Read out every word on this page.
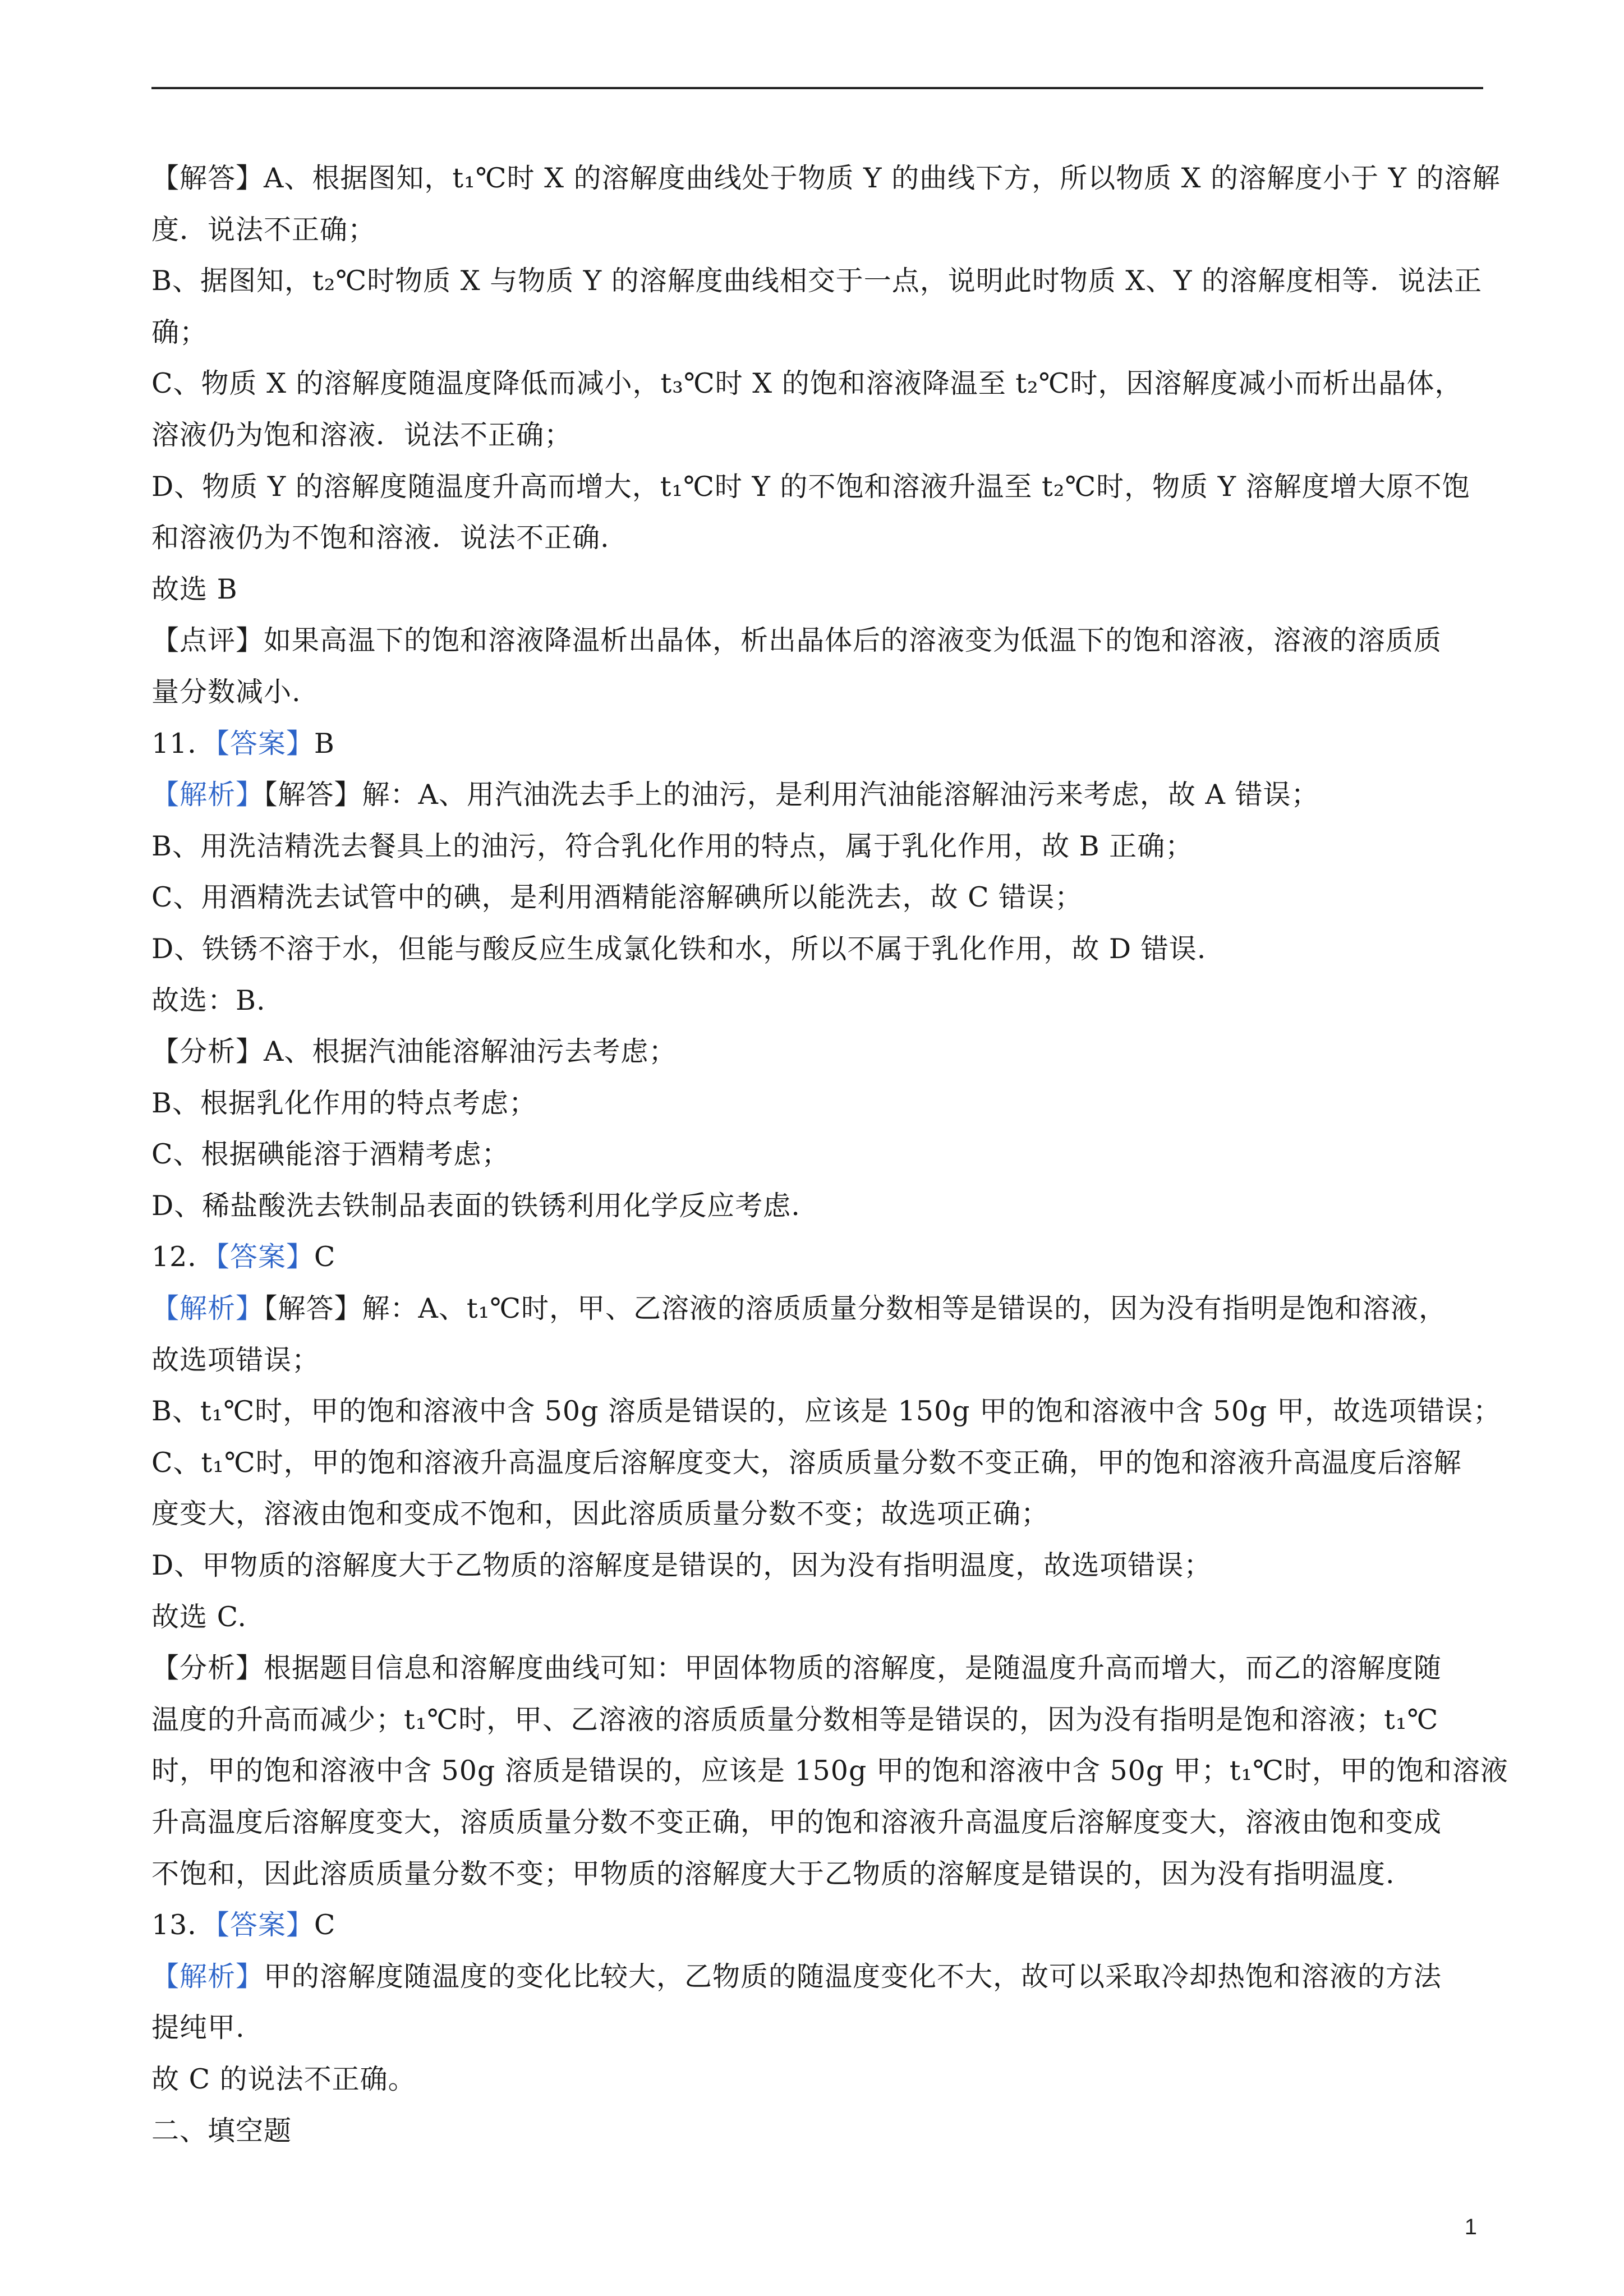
【解答】A、根据图知，t₁℃时 X 的溶解度曲线处于物质 Y 的曲线下方，所以物质 X 的溶解度小于 Y 的溶解
度．说法不正确；
B、据图知，t₂℃时物质 X 与物质 Y 的溶解度曲线相交于一点，说明此时物质 X、Y 的溶解度相等．说法正
确；
C、物质 X 的溶解度随温度降低而减小，t₃℃时 X 的饱和溶液降温至 t₂℃时，因溶解度减小而析出晶体，
溶液仍为饱和溶液．说法不正确；
D、物质 Y 的溶解度随温度升高而增大，t₁℃时 Y 的不饱和溶液升温至 t₂℃时，物质 Y 溶解度增大原不饱
和溶液仍为不饱和溶液．说法不正确.
故选 B
【点评】如果高温下的饱和溶液降温析出晶体，析出晶体后的溶液变为低温下的饱和溶液，溶液的溶质质
量分数减小.
11．【答案】B
【解析】【解答】解：A、用汽油洗去手上的油污，是利用汽油能溶解油污来考虑，故 A 错误；
B、用洗洁精洗去餐具上的油污，符合乳化作用的特点，属于乳化作用，故 B 正确；
C、用酒精洗去试管中的碘，是利用酒精能溶解碘所以能洗去，故 C 错误；
D、铁锈不溶于水，但能与酸反应生成氯化铁和水，所以不属于乳化作用，故 D 错误.
故选：B.
【分析】A、根据汽油能溶解油污去考虑；
B、根据乳化作用的特点考虑；
C、根据碘能溶于酒精考虑；
D、稀盐酸洗去铁制品表面的铁锈利用化学反应考虑.
12．【答案】C
【解析】【解答】解：A、t₁℃时，甲、乙溶液的溶质质量分数相等是错误的，因为没有指明是饱和溶液，
故选项错误；
B、t₁℃时，甲的饱和溶液中含 50g 溶质是错误的，应该是 150g 甲的饱和溶液中含 50g 甲，故选项错误；
C、t₁℃时，甲的饱和溶液升高温度后溶解度变大，溶质质量分数不变正确，甲的饱和溶液升高温度后溶解
度变大，溶液由饱和变成不饱和，因此溶质质量分数不变；故选项正确；
D、甲物质的溶解度大于乙物质的溶解度是错误的，因为没有指明温度，故选项错误；
故选 C.
【分析】根据题目信息和溶解度曲线可知：甲固体物质的溶解度，是随温度升高而增大，而乙的溶解度随
温度的升高而减少；t₁℃时，甲、乙溶液的溶质质量分数相等是错误的，因为没有指明是饱和溶液；t₁℃
时，甲的饱和溶液中含 50g 溶质是错误的，应该是 150g 甲的饱和溶液中含 50g 甲；t₁℃时，甲的饱和溶液
升高温度后溶解度变大，溶质质量分数不变正确，甲的饱和溶液升高温度后溶解度变大，溶液由饱和变成
不饱和，因此溶质质量分数不变；甲物质的溶解度大于乙物质的溶解度是错误的，因为没有指明温度.
13．【答案】C
【解析】甲的溶解度随温度的变化比较大，乙物质的随温度变化不大，故可以采取冷却热饱和溶液的方法
提纯甲.
故 C 的说法不正确。
二、填空题
1
